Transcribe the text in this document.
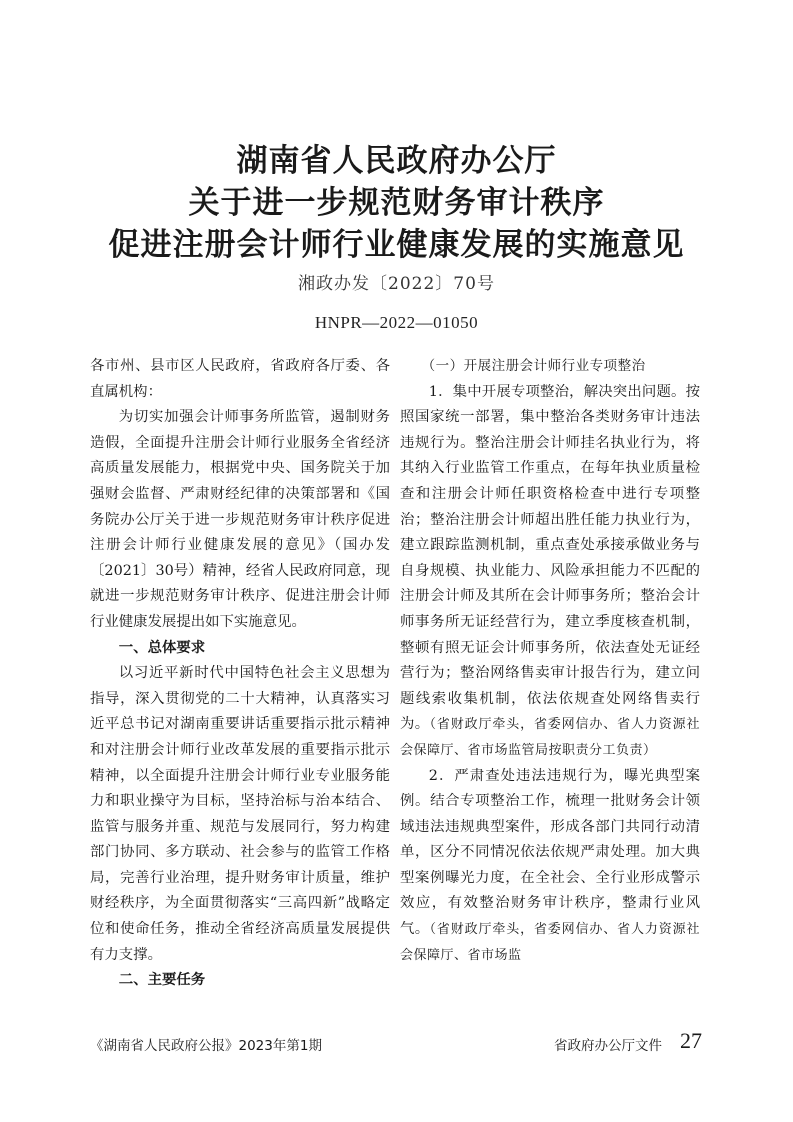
湖南省人民政府办公厅
关于进一步规范财务审计秩序
促进注册会计师行业健康发展的实施意见
湘政办发〔2022〕70号
HNPR—2022—01050

各市州、县市区人民政府，省政府各厅委、各直属机构：

为切实加强会计师事务所监管，遏制财务造假，全面提升注册会计师行业服务全省经济高质量发展能力，根据党中央、国务院关于加强财会监督、严肃财经纪律的决策部署和《国务院办公厅关于进一步规范财务审计秩序促进注册会计师行业健康发展的意见》（国办发〔2021〕30号）精神，经省人民政府同意，现就进一步规范财务审计秩序、促进注册会计师行业健康发展提出如下实施意见。

一、总体要求

以习近平新时代中国特色社会主义思想为指导，深入贯彻党的二十大精神，认真落实习近平总书记对湖南重要讲话重要指示批示精神和对注册会计师行业改革发展的重要指示批示精神，以全面提升注册会计师行业专业服务能力和职业操守为目标，坚持治标与治本结合、监管与服务并重、规范与发展同行，努力构建部门协同、多方联动、社会参与的监管工作格局，完善行业治理，提升财务审计质量，维护财经秩序，为全面贯彻落实“三高四新”战略定位和使命任务，推动全省经济高质量发展提供有力支撑。

二、主要任务

（一）开展注册会计师行业专项整治

1．集中开展专项整治，解决突出问题。按照国家统一部署，集中整治各类财务审计违法违规行为。整治注册会计师挂名执业行为，将其纳入行业监管工作重点，在每年执业质量检查和注册会计师任职资格检查中进行专项整治；整治注册会计师超出胜任能力执业行为，建立跟踪监测机制，重点查处承接承做业务与自身规模、执业能力、风险承担能力不匹配的注册会计师及其所在会计师事务所；整治会计师事务所无证经营行为，建立季度核查机制，整顿有照无证会计师事务所，依法查处无证经营行为；整治网络售卖审计报告行为，建立问题线索收集机制，依法依规查处网络售卖行为。（省财政厅牵头，省委网信办、省人力资源社会保障厅、省市场监管局按职责分工负责）

2．严肃查处违法违规行为，曝光典型案例。结合专项整治工作，梳理一批财务会计领域违法违规典型案件，形成各部门共同行动清单，区分不同情况依法依规严肃处理。加大典型案例曝光力度，在全社会、全行业形成警示效应，有效整治财务审计秩序，整肃行业风气。（省财政厅牵头，省委网信办、省人力资源社会保障厅、省市场监

《湖南省人民政府公报》2023年第1期	省政府办公厅文件 27
